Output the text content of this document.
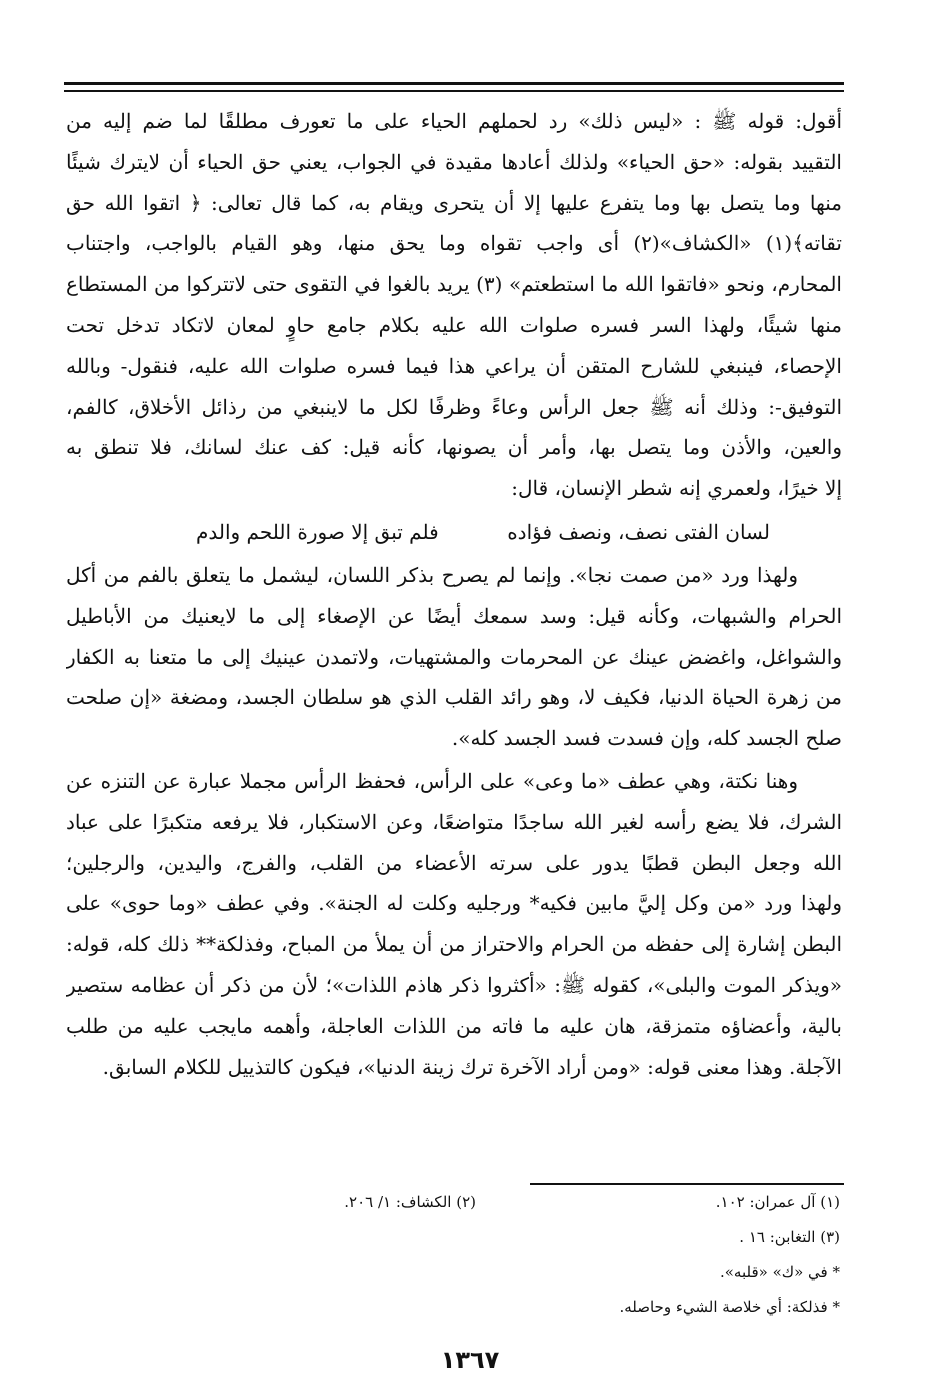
أقول: قوله ﷺ : «ليس ذلك» رد لحملهم الحياء على ما تعورف مطلقًا لما ضم إليه من
التقييد بقوله: «حق الحياء» ولذلك أعادها مقيدة في الجواب، يعني حق الحياء أن لايترك شيئًا
منها وما يتصل بها وما يتفرع عليها إلا أن يتحرى ويقام به، كما قال تعالى: ﴿ اتقوا الله حق
تقاته﴾(١) «الكشاف»(٢) أى واجب تقواه وما يحق منها، وهو القيام بالواجب، واجتناب
المحارم، ونحو «فاتقوا الله ما استطعتم» (٣) يريد بالغوا في التقوى حتى لاتتركوا من المستطاع
منها شيئًا، ولهذا السر فسره صلوات الله عليه بكلام جامع حاوٍ لمعان لاتكاد تدخل تحت
الإحصاء، فينبغي للشارح المتقن أن يراعي هذا فيما فسره صلوات الله عليه، فنقول- وبالله
التوفيق-: وذلك أنه ﷺ جعل الرأس وعاءً وظرفًا لكل ما لاينبغي من رذائل الأخلاق، كالفم،
والعين، والأذن وما يتصل بها، وأمر أن يصونها، كأنه قيل: كف عنك لسانك، فلا تنطق به
إلا خيرًا، ولعمري إنه شطر الإنسان، قال:
لسان الفتى نصف، ونصف فؤاده
فلم تبق إلا صورة اللحم والدم
ولهذا ورد «من صمت نجا». وإنما لم يصرح بذكر اللسان، ليشمل ما يتعلق بالفم من أكل
الحرام والشبهات، وكأنه قيل: وسد سمعك أيضًا عن الإصغاء إلى ما لايعنيك من الأباطيل
والشواغل، واغضض عينك عن المحرمات والمشتهيات، ولاتمدن عينيك إلى ما متعنا به الكفار
من زهرة الحياة الدنيا، فكيف لا، وهو رائد القلب الذي هو سلطان الجسد، ومضغة «إن صلحت
صلح الجسد كله، وإن فسدت فسد الجسد كله».
وهنا نكتة، وهي عطف «ما وعى» على الرأس، فحفظ الرأس مجملا عبارة عن التنزه عن
الشرك، فلا يضع رأسه لغير الله ساجدًا متواضعًا، وعن الاستكبار، فلا يرفعه متكبرًا على عباد
الله وجعل البطن قطبًا يدور على سرته الأعضاء من القلب، والفرج، واليدين، والرجلين؛
ولهذا ورد «من وكل إليَّ مابين فكيه* ورجليه وكلت له الجنة». وفي عطف «وما حوى» على
البطن إشارة إلى حفظه من الحرام والاحتراز من أن يملأ من المباح، وفذلكة** ذلك كله، قوله:
«ويذكر الموت والبلى»، كقوله ﷺ: «أكثروا ذكر هاذم اللذات»؛ لأن من ذكر أن عظامه ستصير
بالية، وأعضاؤه متمزقة، هان عليه ما فاته من اللذات العاجلة، وأهمه مايجب عليه من طلب
الآجلة. وهذا معنى قوله: «ومن أراد الآخرة ترك زينة الدنيا»، فيكون كالتذييل للكلام السابق.
(١) آل عمران: ١٠٢.
(٢) الكشاف: ١/ ٢٠٦.
(٣) التغابن: ١٦ .
* في «ك» «قلبه».
* فذلكة: أي خلاصة الشيء وحاصله.
١٣٦٧
